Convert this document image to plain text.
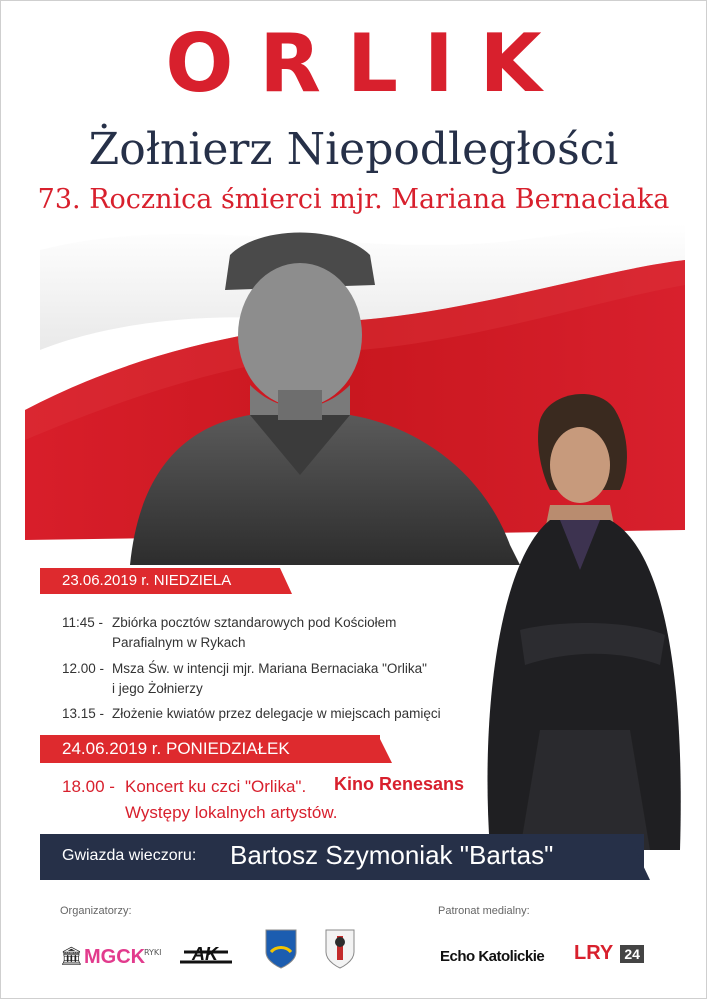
ORLIK
Żołnierz Niepodległości
73. Rocznica śmierci mjr. Mariana Bernaciaka
23.06.2019 r. NIEDZIELA
11:45 - Zbiórka pocztów sztandarowych pod Kościołem
Parafialnym w Rykach
12.00 - Msza Św. w intencji mjr. Mariana Bernaciaka "Orlika"
i jego Żołnierzy
13.15 - Złożenie kwiatów przez delegacje w miejscach pamięci
24.06.2019 r. PONIEDZIAŁEK
18.00 - Koncert ku czci "Orlika". Kino Renesans
Występy lokalnych artystów.
Gwiazda wieczoru: Bartosz Szymoniak "Bartas"
Organizatorzy:	Patronat medialny:
🏛 MGCK
RYKI AK	Echo Katolickie LRY 24
